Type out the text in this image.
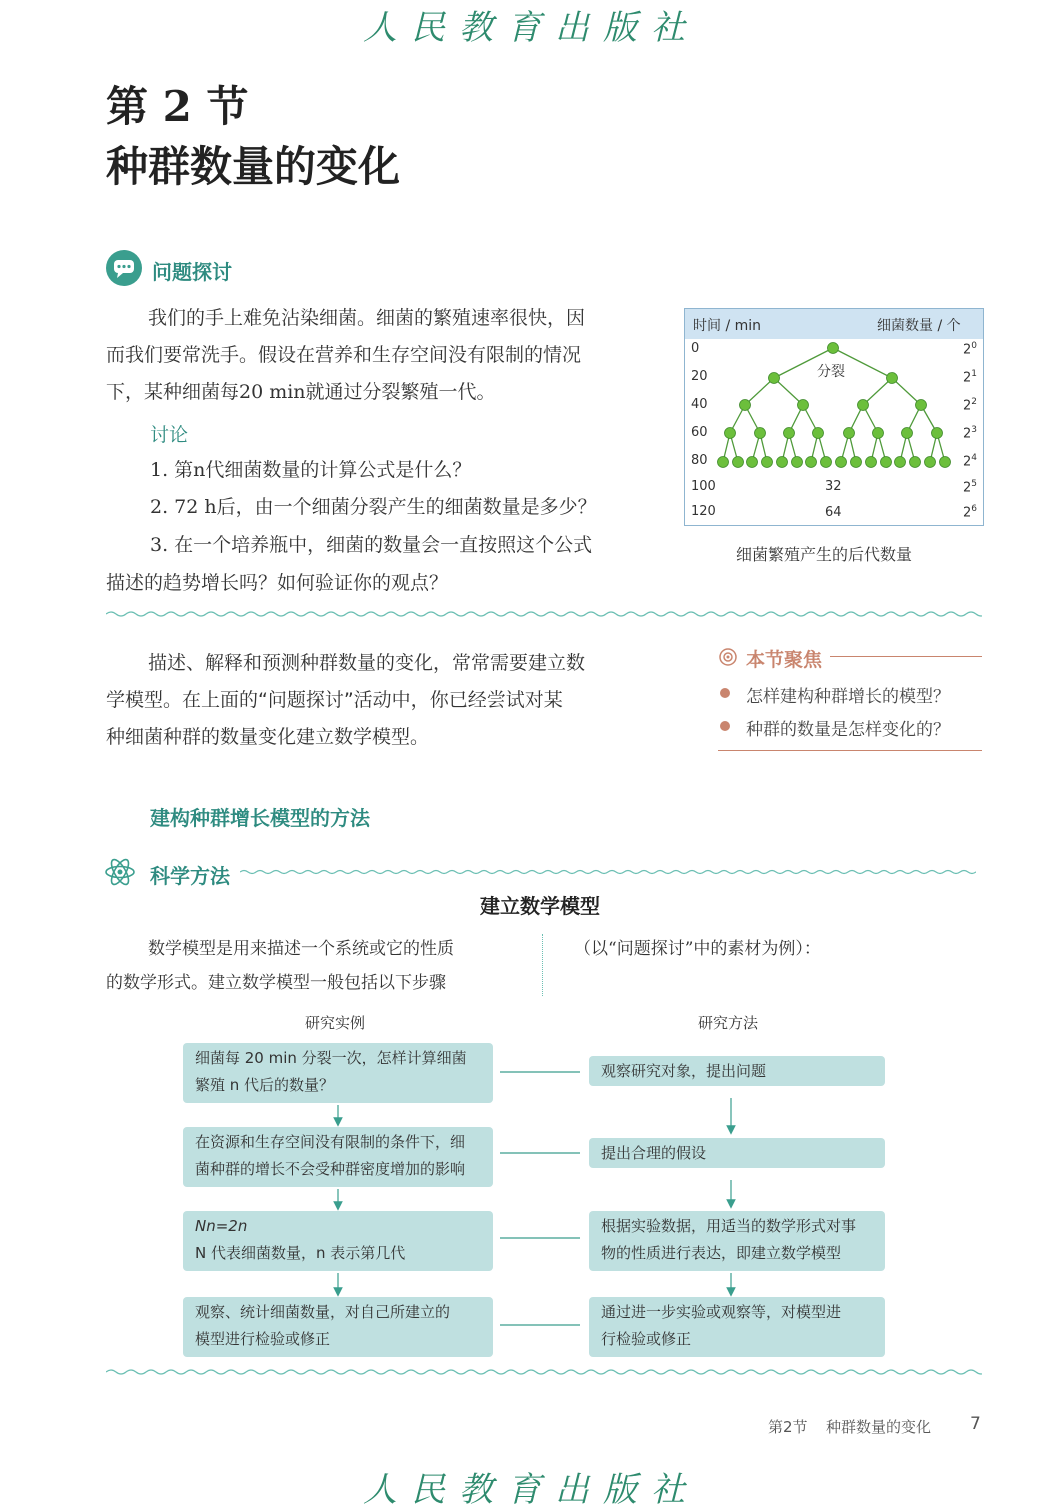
人民教育出版社
第 2 节
种群数量的变化
问题探讨
我们的手上难免沾染细菌。细菌的繁殖速率很快，因
而我们要常洗手。假设在营养和生存空间没有限制的情况
下，某种细菌每20 min就通过分裂繁殖一代。
讨论
1. 第n代细菌数量的计算公式是什么？
2. 72 h后，由一个细菌分裂产生的细菌数量是多少？
3. 在一个培养瓶中，细菌的数量会一直按照这个公式
描述的趋势增长吗？如何验证你的观点？
时间 / min	细菌数量 / 个
0
20
40
60
80
100
120
$2^0$
$2^1$
$2^2$
$2^3$
$2^4$
$2^5$
$2^6$
分裂
32
64
细菌繁殖产生的后代数量
描述、解释和预测种群数量的变化，常常需要建立数
学模型。在上面的“问题探讨”活动中，你已经尝试对某
种细菌种群的数量变化建立数学模型。
本节聚焦
怎样建构种群增长的模型？
种群的数量是怎样变化的？
建构种群增长模型的方法
科学方法
建立数学模型
数学模型是用来描述一个系统或它的性质
的数学形式。建立数学模型一般包括以下步骤
（以“问题探讨”中的素材为例）：
研究实例	研究方法
细菌每 20 min 分裂一次，怎样计算细菌
繁殖 n 代后的数量？
在资源和生存空间没有限制的条件下，细
菌种群的增长不会受种群密度增加的影响
Nn=2n
N 代表细菌数量，n 表示第几代
观察、统计细菌数量，对自己所建立的
模型进行检验或修正
观察研究对象，提出问题
提出合理的假设
根据实验数据，用适当的数学形式对事
物的性质进行表达，即建立数学模型
通过进一步实验或观察等，对模型进
行检验或修正
第2节 种群数量的变化 7
人民教育出版社
